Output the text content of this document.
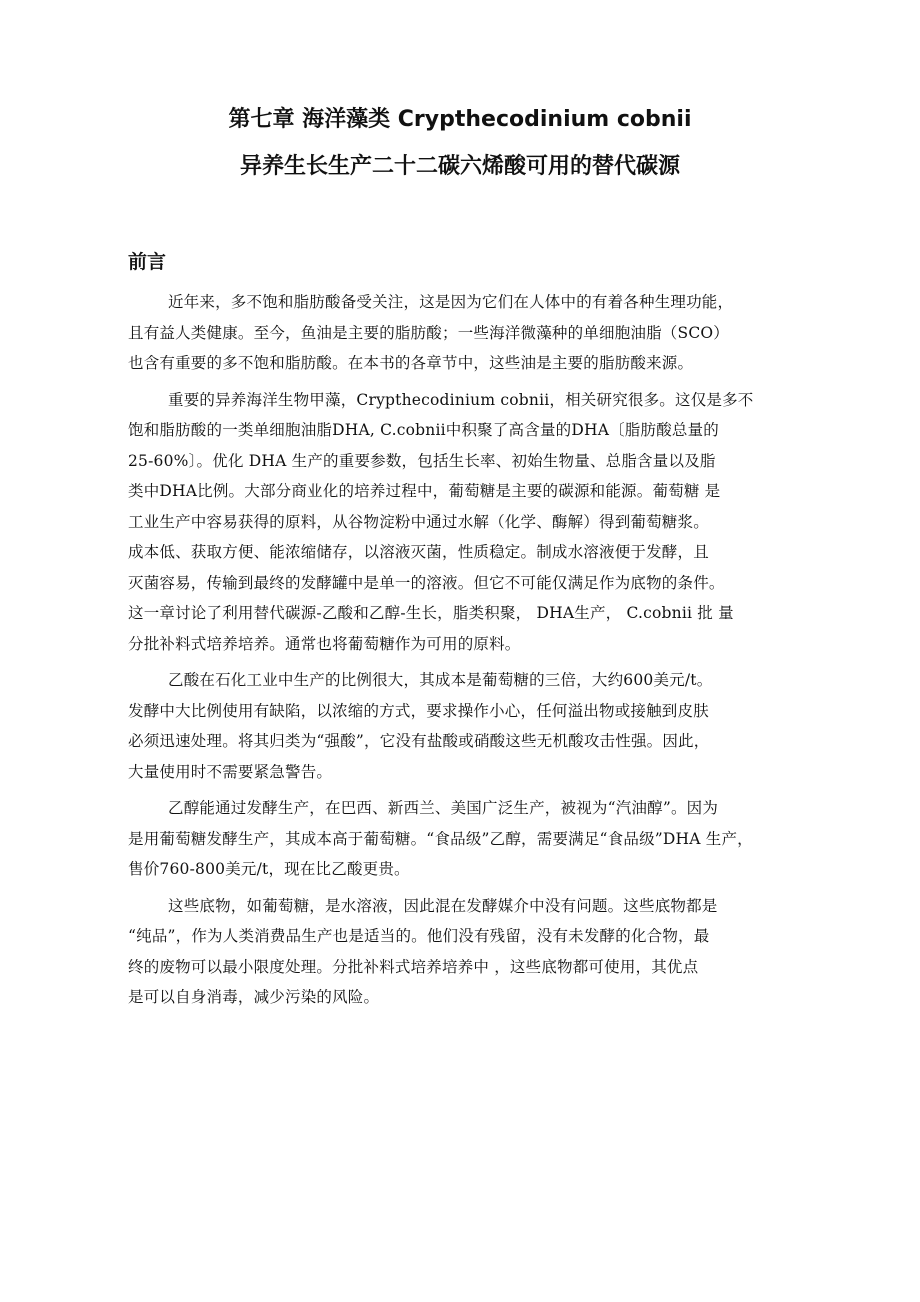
第七章 海洋藻类 Crypthecodinium cobnii
异养生长生产二十二碳六烯酸可用的替代碳源
前言

近年来，多不饱和脂肪酸备受关注，这是因为它们在人体中的有着各种生理功能，
且有益人类健康。至今，鱼油是主要的脂肪酸；一些海洋微藻种的单细胞油脂（SCO）
也含有重要的多不饱和脂肪酸。在本书的各章节中，这些油是主要的脂肪酸来源。

重要的异养海洋生物甲藻，Crypthecodinium cobnii，相关研究很多。这仅是多不
饱和脂肪酸的一类单细胞油脂DHA, C.cobnii中积聚了高含量的DHA〔脂肪酸总量的
25-60%〕。优化 DHA 生产的重要参数，包括生长率、初始生物量、总脂含量以及脂
类中DHA比例。大部分商业化的培养过程中，葡萄糖是主要的碳源和能源。葡萄糖 是
工业生产中容易获得的原料，从谷物淀粉中通过水解（化学、酶解）得到葡萄糖浆。
成本低、获取方便、能浓缩储存，以溶液灭菌，性质稳定。制成水溶液便于发酵，且
灭菌容易，传输到最终的发酵罐中是单一的溶液。但它不可能仅满足作为底物的条件。
这一章讨论了利用替代碳源-乙酸和乙醇-生长，脂类积聚， DHA生产， C.cobnii 批 量
分批补料式培养培养。通常也将葡萄糖作为可用的原料。

乙酸在石化工业中生产的比例很大，其成本是葡萄糖的三倍，大约600美元/t。
发酵中大比例使用有缺陷，以浓缩的方式，要求操作小心，任何溢出物或接触到皮肤
必须迅速处理。将其归类为“强酸”，它没有盐酸或硝酸这些无机酸攻击性强。因此，
大量使用时不需要紧急警告。

乙醇能通过发酵生产，在巴西、新西兰、美国广泛生产，被视为“汽油醇”。因为
是用葡萄糖发酵生产，其成本高于葡萄糖。“食品级”乙醇，需要满足“食品级”DHA 生产，
售价760-800美元/t，现在比乙酸更贵。

这些底物，如葡萄糖，是水溶液，因此混在发酵媒介中没有问题。这些底物都是
“纯品”，作为人类消费品生产也是适当的。他们没有残留，没有未发酵的化合物，最
终的废物可以最小限度处理。分批补料式培养培养中 ，这些底物都可使用，其优点
是可以自身消毒，减少污染的风险。
